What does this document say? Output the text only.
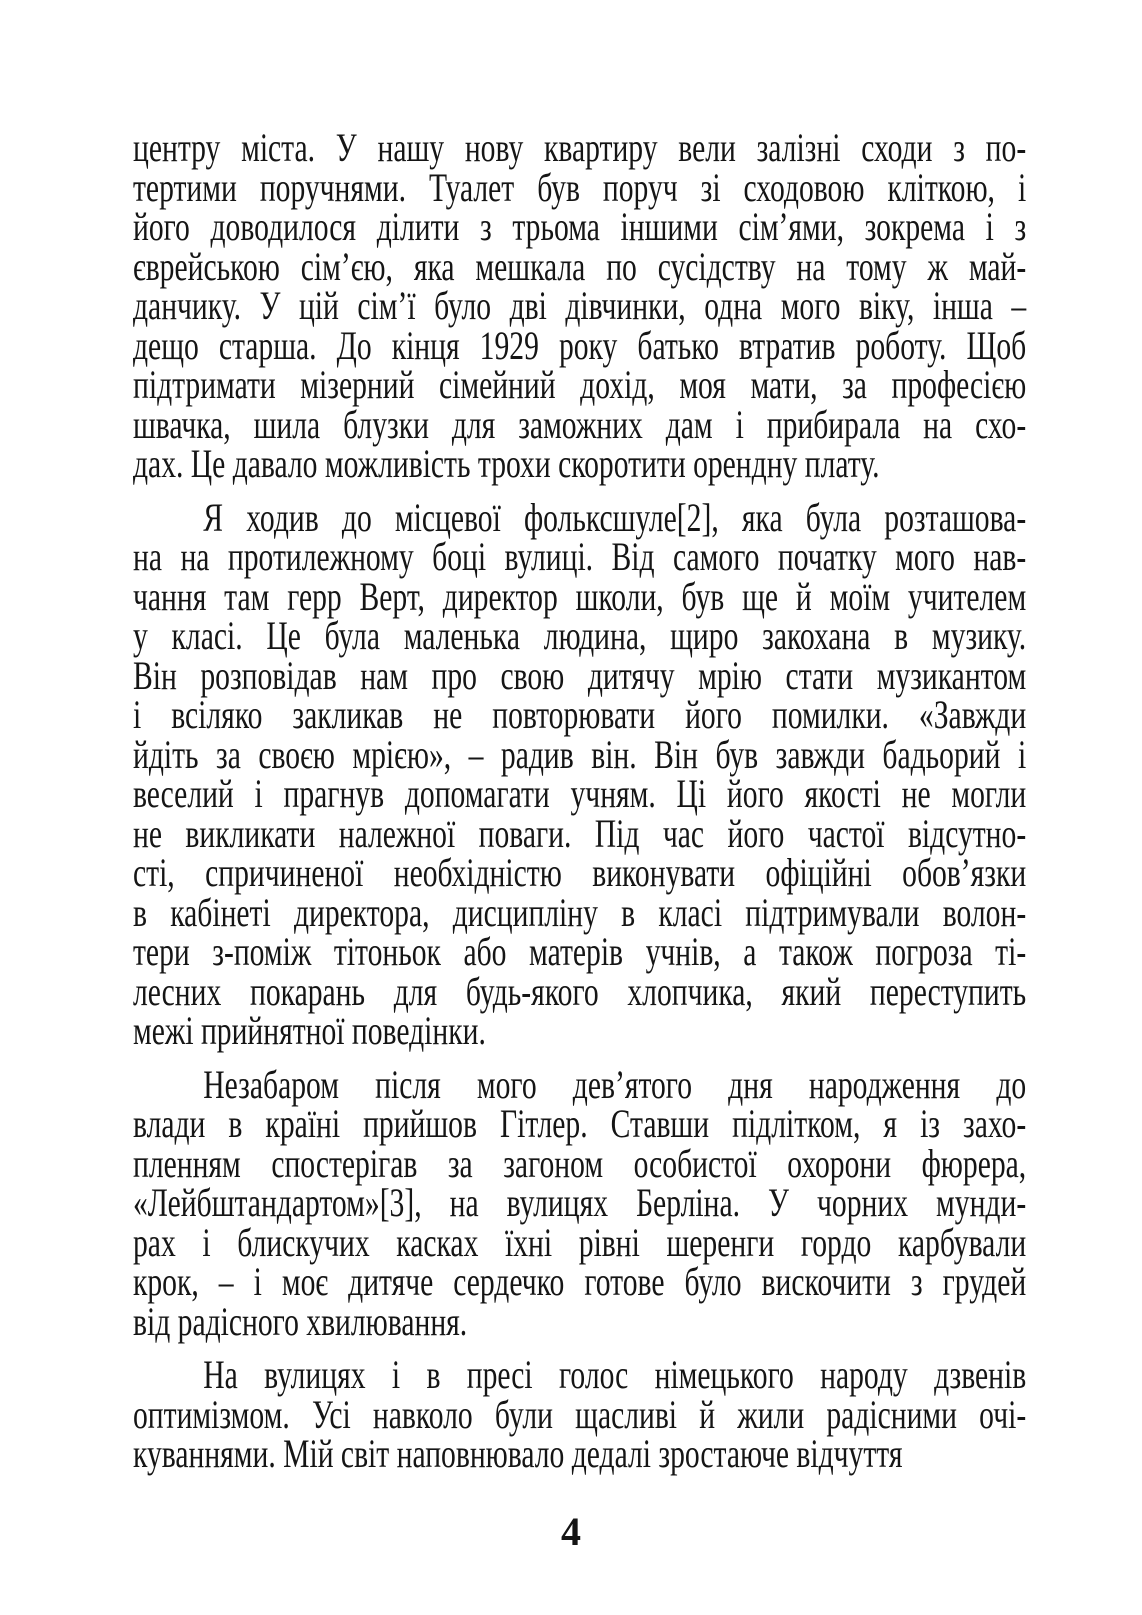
центру міста. У нашу нову квартиру вели залізні сходи з по-
тертими поручнями. Туалет був поруч зі сходовою кліткою, і
його доводилося ділити з трьома іншими сім’ями, зокрема і з
єврейською сім’єю, яка мешкала по сусідству на тому ж май-
данчику. У цій сім’ї було дві дівчинки, одна мого віку, інша –
дещо старша. До кінця 1929 року батько втратив роботу. Щоб
підтримати мізерний сімейний дохід, моя мати, за професією
швачка, шила блузки для заможних дам і прибирала на схо-
дах. Це давало можливість трохи скоротити орендну плату.
Я ходив до місцевої фольксшуле[2], яка була розташова-
на на протилежному боці вулиці. Від самого початку мого нав-
чання там герр Верт, директор школи, був ще й моїм учителем
у класі. Це була маленька людина, щиро закохана в музику.
Він розповідав нам про свою дитячу мрію стати музикантом
і всіляко закликав не повторювати його помилки. «Завжди
йдіть за своєю мрією», – радив він. Він був завжди бадьорий і
веселий і прагнув допомагати учням. Ці його якості не могли
не викликати належної поваги. Під час його частої відсутно-
сті, спричиненої необхідністю виконувати офіційні обов’язки
в кабінеті директора, дисципліну в класі підтримували волон-
тери з-поміж тітоньок або матерів учнів, а також погроза ті-
лесних покарань для будь-якого хлопчика, який переступить
межі прийнятної поведінки.
Незабаром після мого дев’ятого дня народження до
влади в країні прийшов Гітлер. Ставши підлітком, я із захо-
пленням спостерігав за загоном особистої охорони фюрера,
«Лейбштандартом»[3], на вулицях Берліна. У чорних мунди-
рах і блискучих касках їхні рівні шеренги гордо карбували
крок, – і моє дитяче сердечко готове було вискочити з грудей
від радісного хвилювання.
На вулицях і в пресі голос німецького народу дзвенів
оптимізмом. Усі навколо були щасливі й жили радісними очі-
куваннями. Мій світ наповнювало дедалі зростаюче відчуття
4
